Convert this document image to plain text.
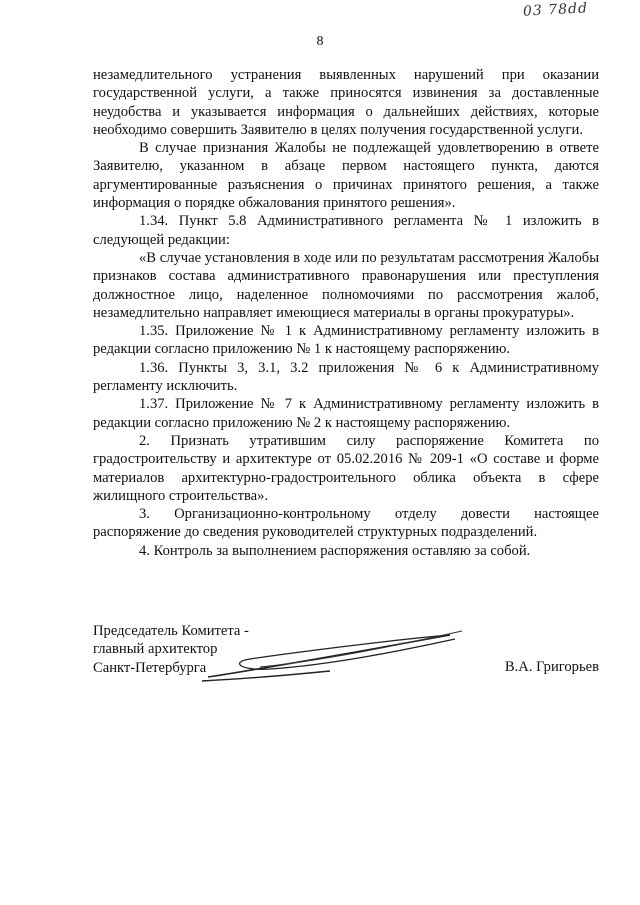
03 78dd
8

незамедлительного устранения выявленных нарушений при оказании государственной услуги, а также приносятся извинения за доставленные неудобства и указывается информация о дальнейших действиях, которые необходимо совершить Заявителю в целях получения государственной услуги.

В случае признания Жалобы не подлежащей удовлетворению в ответе Заявителю, указанном в абзаце первом настоящего пункта, даются аргументированные разъяснения о причинах принятого решения, а также информация о порядке обжалования принятого решения».

1.34. Пункт 5.8 Административного регламента № 1 изложить в следующей редакции:

«В случае установления в ходе или по результатам рассмотрения Жалобы признаков состава административного правонарушения или преступления должностное лицо, наделенное полномочиями по рассмотрения жалоб, незамедлительно направляет имеющиеся материалы в органы прокуратуры».

1.35. Приложение № 1 к Административному регламенту изложить в редакции согласно приложению № 1 к настоящему распоряжению.

1.36. Пункты 3, 3.1, 3.2 приложения № 6 к Административному регламенту исключить.

1.37. Приложение № 7 к Административному регламенту изложить в редакции согласно приложению № 2 к настоящему распоряжению.

2. Признать утратившим силу распоряжение Комитета по градостроительству и архитектуре от 05.02.2016 № 209-1 «О составе и форме материалов архитектурно-градостроительного облика объекта в сфере жилищного строительства».

3. Организационно-контрольному отделу довести настоящее распоряжение до сведения руководителей структурных подразделений.

4. Контроль за выполнением распоряжения оставляю за собой.

Председатель Комитета -
главный архитектор
Санкт-Петербурга	В.А. Григорьев
